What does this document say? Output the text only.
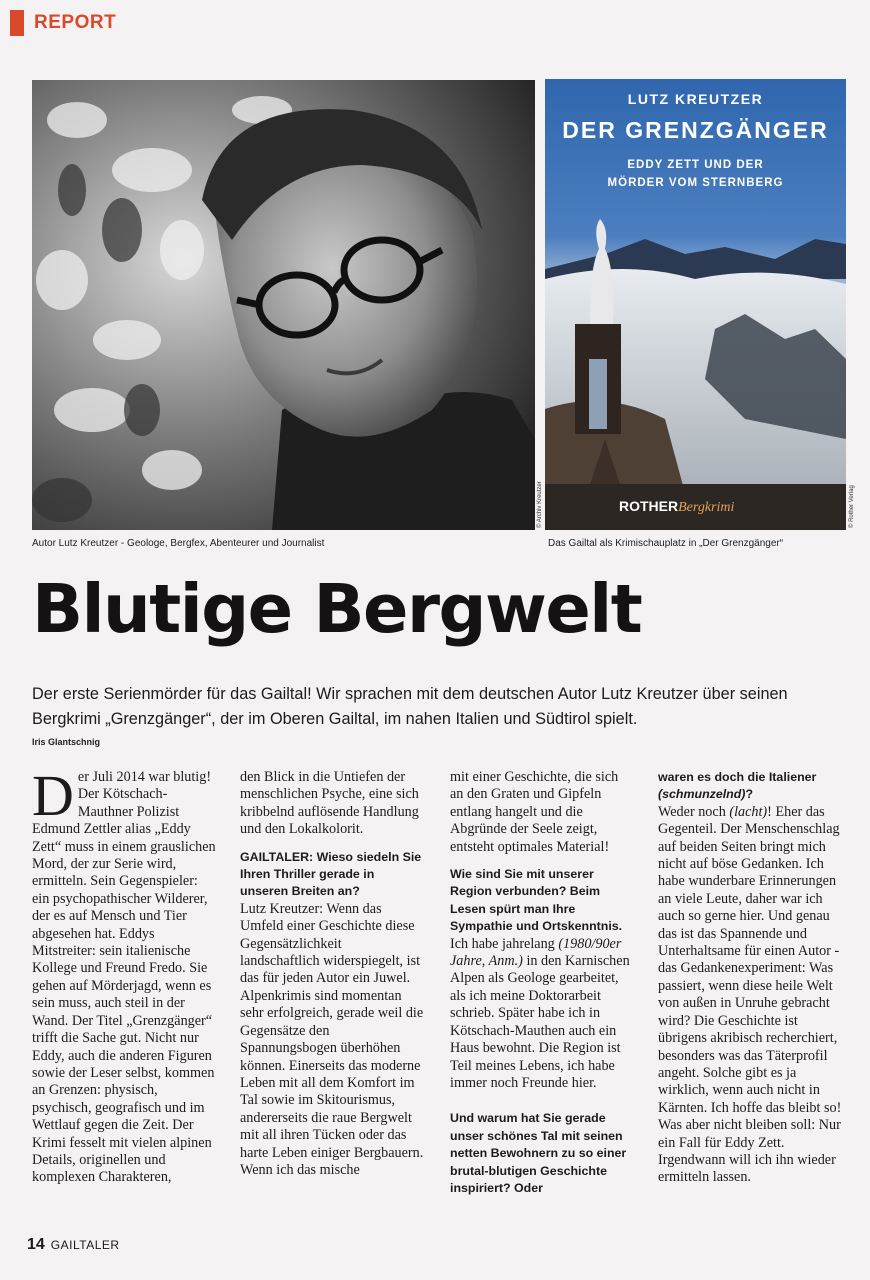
REPORT
© Archiv Kreutzer
LUTZ KREUTZER
DER GRENZGÄNGER
EDDY ZETT UND DER
MÖRDER VOM STERNBERG
ROTHERBergkrimi	© Rother Verlag
Autor Lutz Kreutzer - Geologe, Bergfex, Abenteurer und Journalist	Das Gailtal als Krimischauplatz in „Der Grenzgänger“
Blutige Bergwelt
Der erste Serienmörder für das Gailtal! Wir sprachen mit dem deutschen Autor Lutz Kreutzer über seinen Bergkrimi „Grenzgänger“, der im Oberen Gailtal, im nahen Italien und Südtirol spielt.
Iris Glantschnig

Der Juli 2014 war blutig! Der Kötschach-Mauthner Polizist Edmund Zettler alias „Eddy Zett“ muss in einem grauslichen Mord, der zur Serie wird, ermitteln. Sein Gegenspieler: ein psychopathischer Wilderer, der es auf Mensch und Tier abgesehen hat. Eddys Mitstreiter: sein italienische Kollege und Freund Fredo. Sie gehen auf Mörderjagd, wenn es sein muss, auch steil in der Wand. Der Titel „Grenzgänger“ trifft die Sache gut. Nicht nur Eddy, auch die anderen Figuren sowie der Leser selbst, kommen an Grenzen: physisch, psychisch, geografisch und im Wettlauf gegen die Zeit. Der Krimi fesselt mit vielen alpinen Details, originellen und komplexen Charakteren,

den Blick in die Untiefen der menschlichen Psyche, eine sich kribbelnd auflösende Handlung und den Lokalkolorit.

GAILTALER: Wieso siedeln Sie Ihren Thriller gerade in unseren Breiten an?

Lutz Kreutzer: Wenn das Umfeld einer Geschichte diese Gegensätzlichkeit landschaftlich widerspiegelt, ist das für jeden Autor ein Juwel. Alpenkrimis sind momentan sehr erfolgreich, gerade weil die Gegensätze den Spannungsbogen überhöhen können. Einerseits das moderne Leben mit all dem Komfort im Tal sowie im Skitourismus, andererseits die raue Bergwelt mit all ihren Tücken oder das harte Leben einiger Bergbauern. Wenn ich das mische

mit einer Geschichte, die sich an den Graten und Gipfeln entlang hangelt und die Abgründe der Seele zeigt, entsteht optimales Material!

Wie sind Sie mit unserer Region verbunden? Beim Lesen spürt man Ihre Sympathie und Ortskenntnis.

Ich habe jahrelang (1980/90er Jahre, Anm.) in den Karnischen Alpen als Geologe gearbeitet, als ich meine Doktorarbeit schrieb. Später habe ich in Kötschach-Mauthen auch ein Haus bewohnt. Die Region ist Teil meines Lebens, ich habe immer noch Freunde hier.

Und warum hat Sie gerade unser schönes Tal mit seinen netten Bewohnern zu so einer brutal-blutigen Geschichte inspiriert? Oder

waren es doch die Italiener (schmunzelnd)?

Weder noch (lacht)! Eher das Gegenteil. Der Menschenschlag auf beiden Seiten bringt mich nicht auf böse Gedanken. Ich habe wunderbare Erinnerungen an viele Leute, daher war ich auch so gerne hier. Und genau das ist das Spannende und Unterhaltsame für einen Autor - das Gedankenexperiment: Was passiert, wenn diese heile Welt von außen in Unruhe gebracht wird? Die Geschichte ist übrigens akribisch recherchiert, besonders was das Täterprofil angeht. Solche gibt es ja wirklich, wenn auch nicht in Kärnten. Ich hoffe das bleibt so! Was aber nicht bleiben soll: Nur ein Fall für Eddy Zett. Irgendwann will ich ihn wieder ermitteln lassen.

14 GAILTALER
